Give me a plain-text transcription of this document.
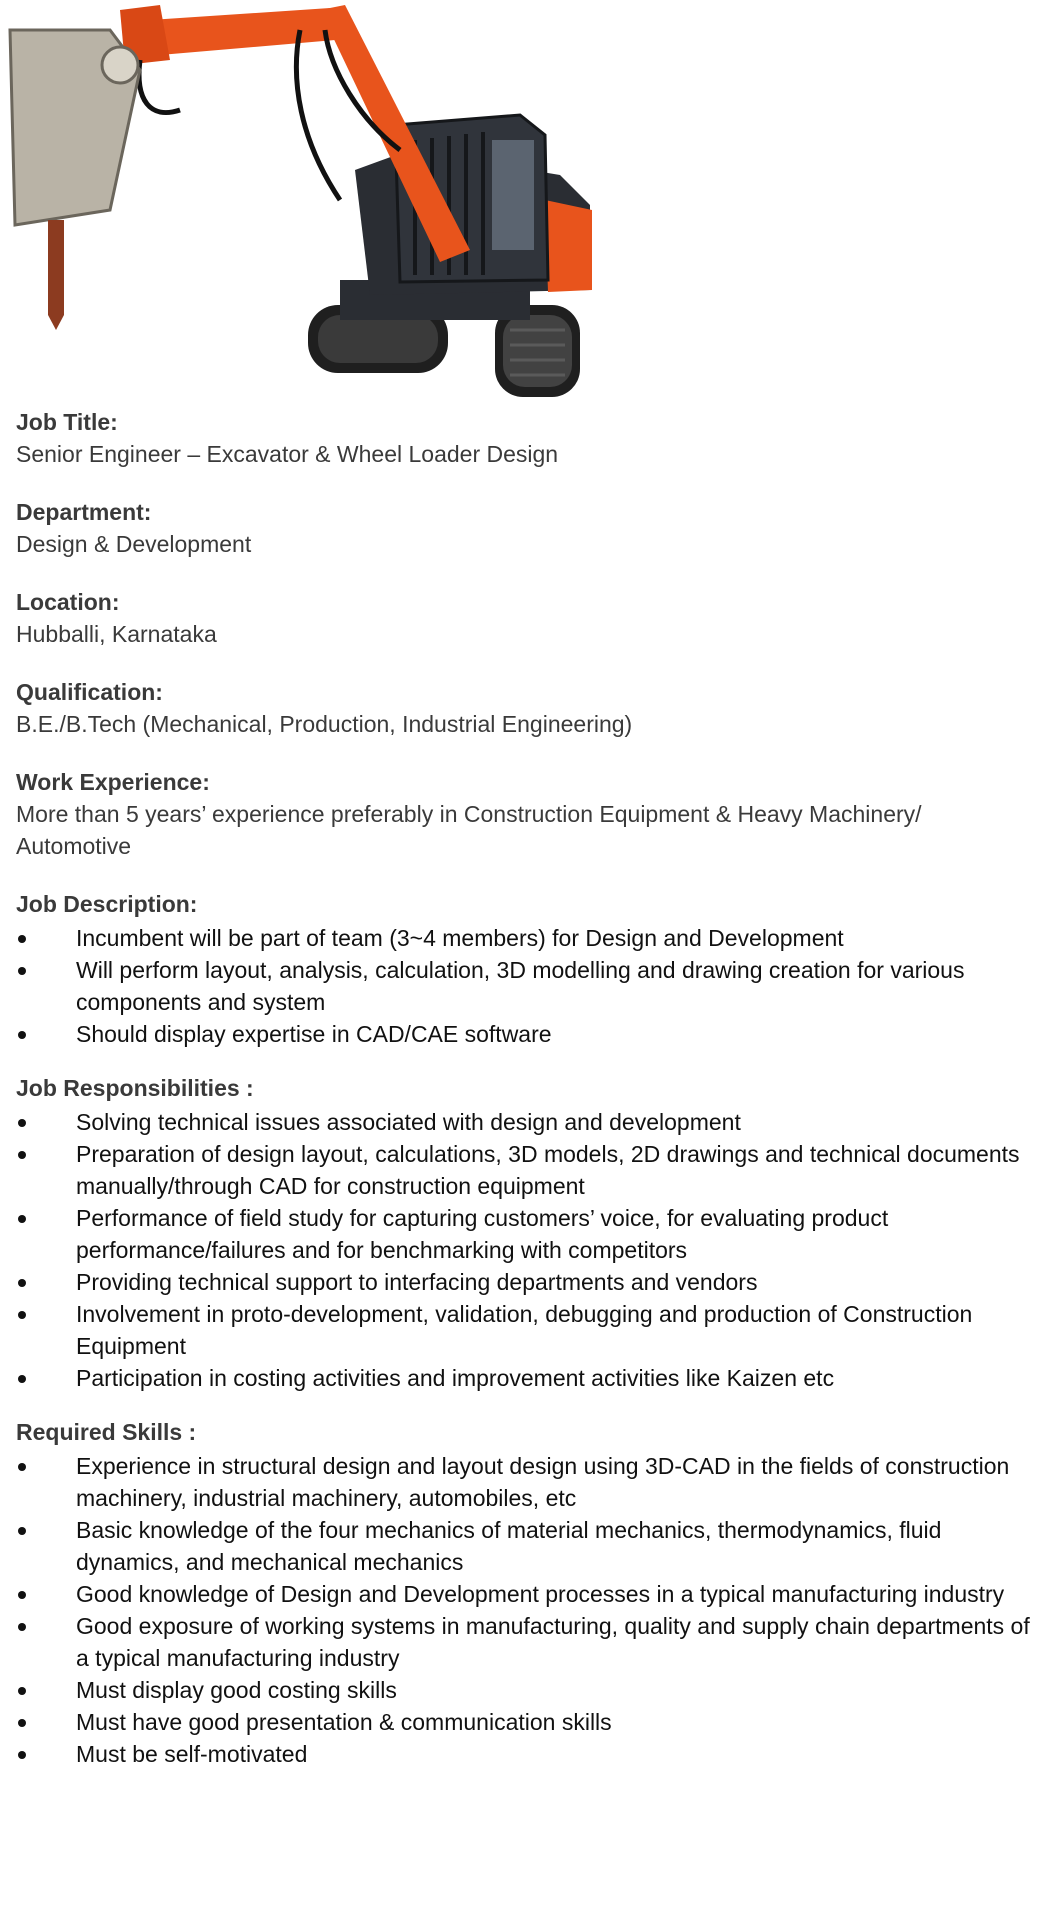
Job Title:
Senior Engineer – Excavator & Wheel Loader Design
Department:
Design & Development
Location:
Hubballi, Karnataka
Qualification:
B.E./B.Tech (Mechanical, Production, Industrial Engineering)
Work Experience:
More than 5 years’ experience preferably in Construction Equipment & Heavy Machinery/ Automotive
Job Description:
Incumbent will be part of team (3~4 members) for Design and Development
Will perform layout, analysis, calculation, 3D modelling and drawing creation for various components and system
Should display expertise in CAD/CAE software
Job Responsibilities :
Solving technical issues associated with design and development
Preparation of design layout, calculations, 3D models, 2D drawings and technical documents manually/through CAD for construction equipment
Performance of field study for capturing customers’ voice, for evaluating product performance/failures and for benchmarking with competitors
Providing technical support to interfacing departments and vendors
Involvement in proto-development, validation, debugging and production of Construction Equipment
Participation in costing activities and improvement activities like Kaizen etc
Required Skills :
Experience in structural design and layout design using 3D-CAD in the fields of construction machinery, industrial machinery, automobiles, etc
Basic knowledge of the four mechanics of material mechanics, thermodynamics, fluid dynamics, and mechanical mechanics
Good knowledge of Design and Development processes in a typical manufacturing industry
Good exposure of working systems in manufacturing, quality and supply chain departments of a typical manufacturing industry
Must display good costing skills
Must have good presentation & communication skills
Must be self-motivated
